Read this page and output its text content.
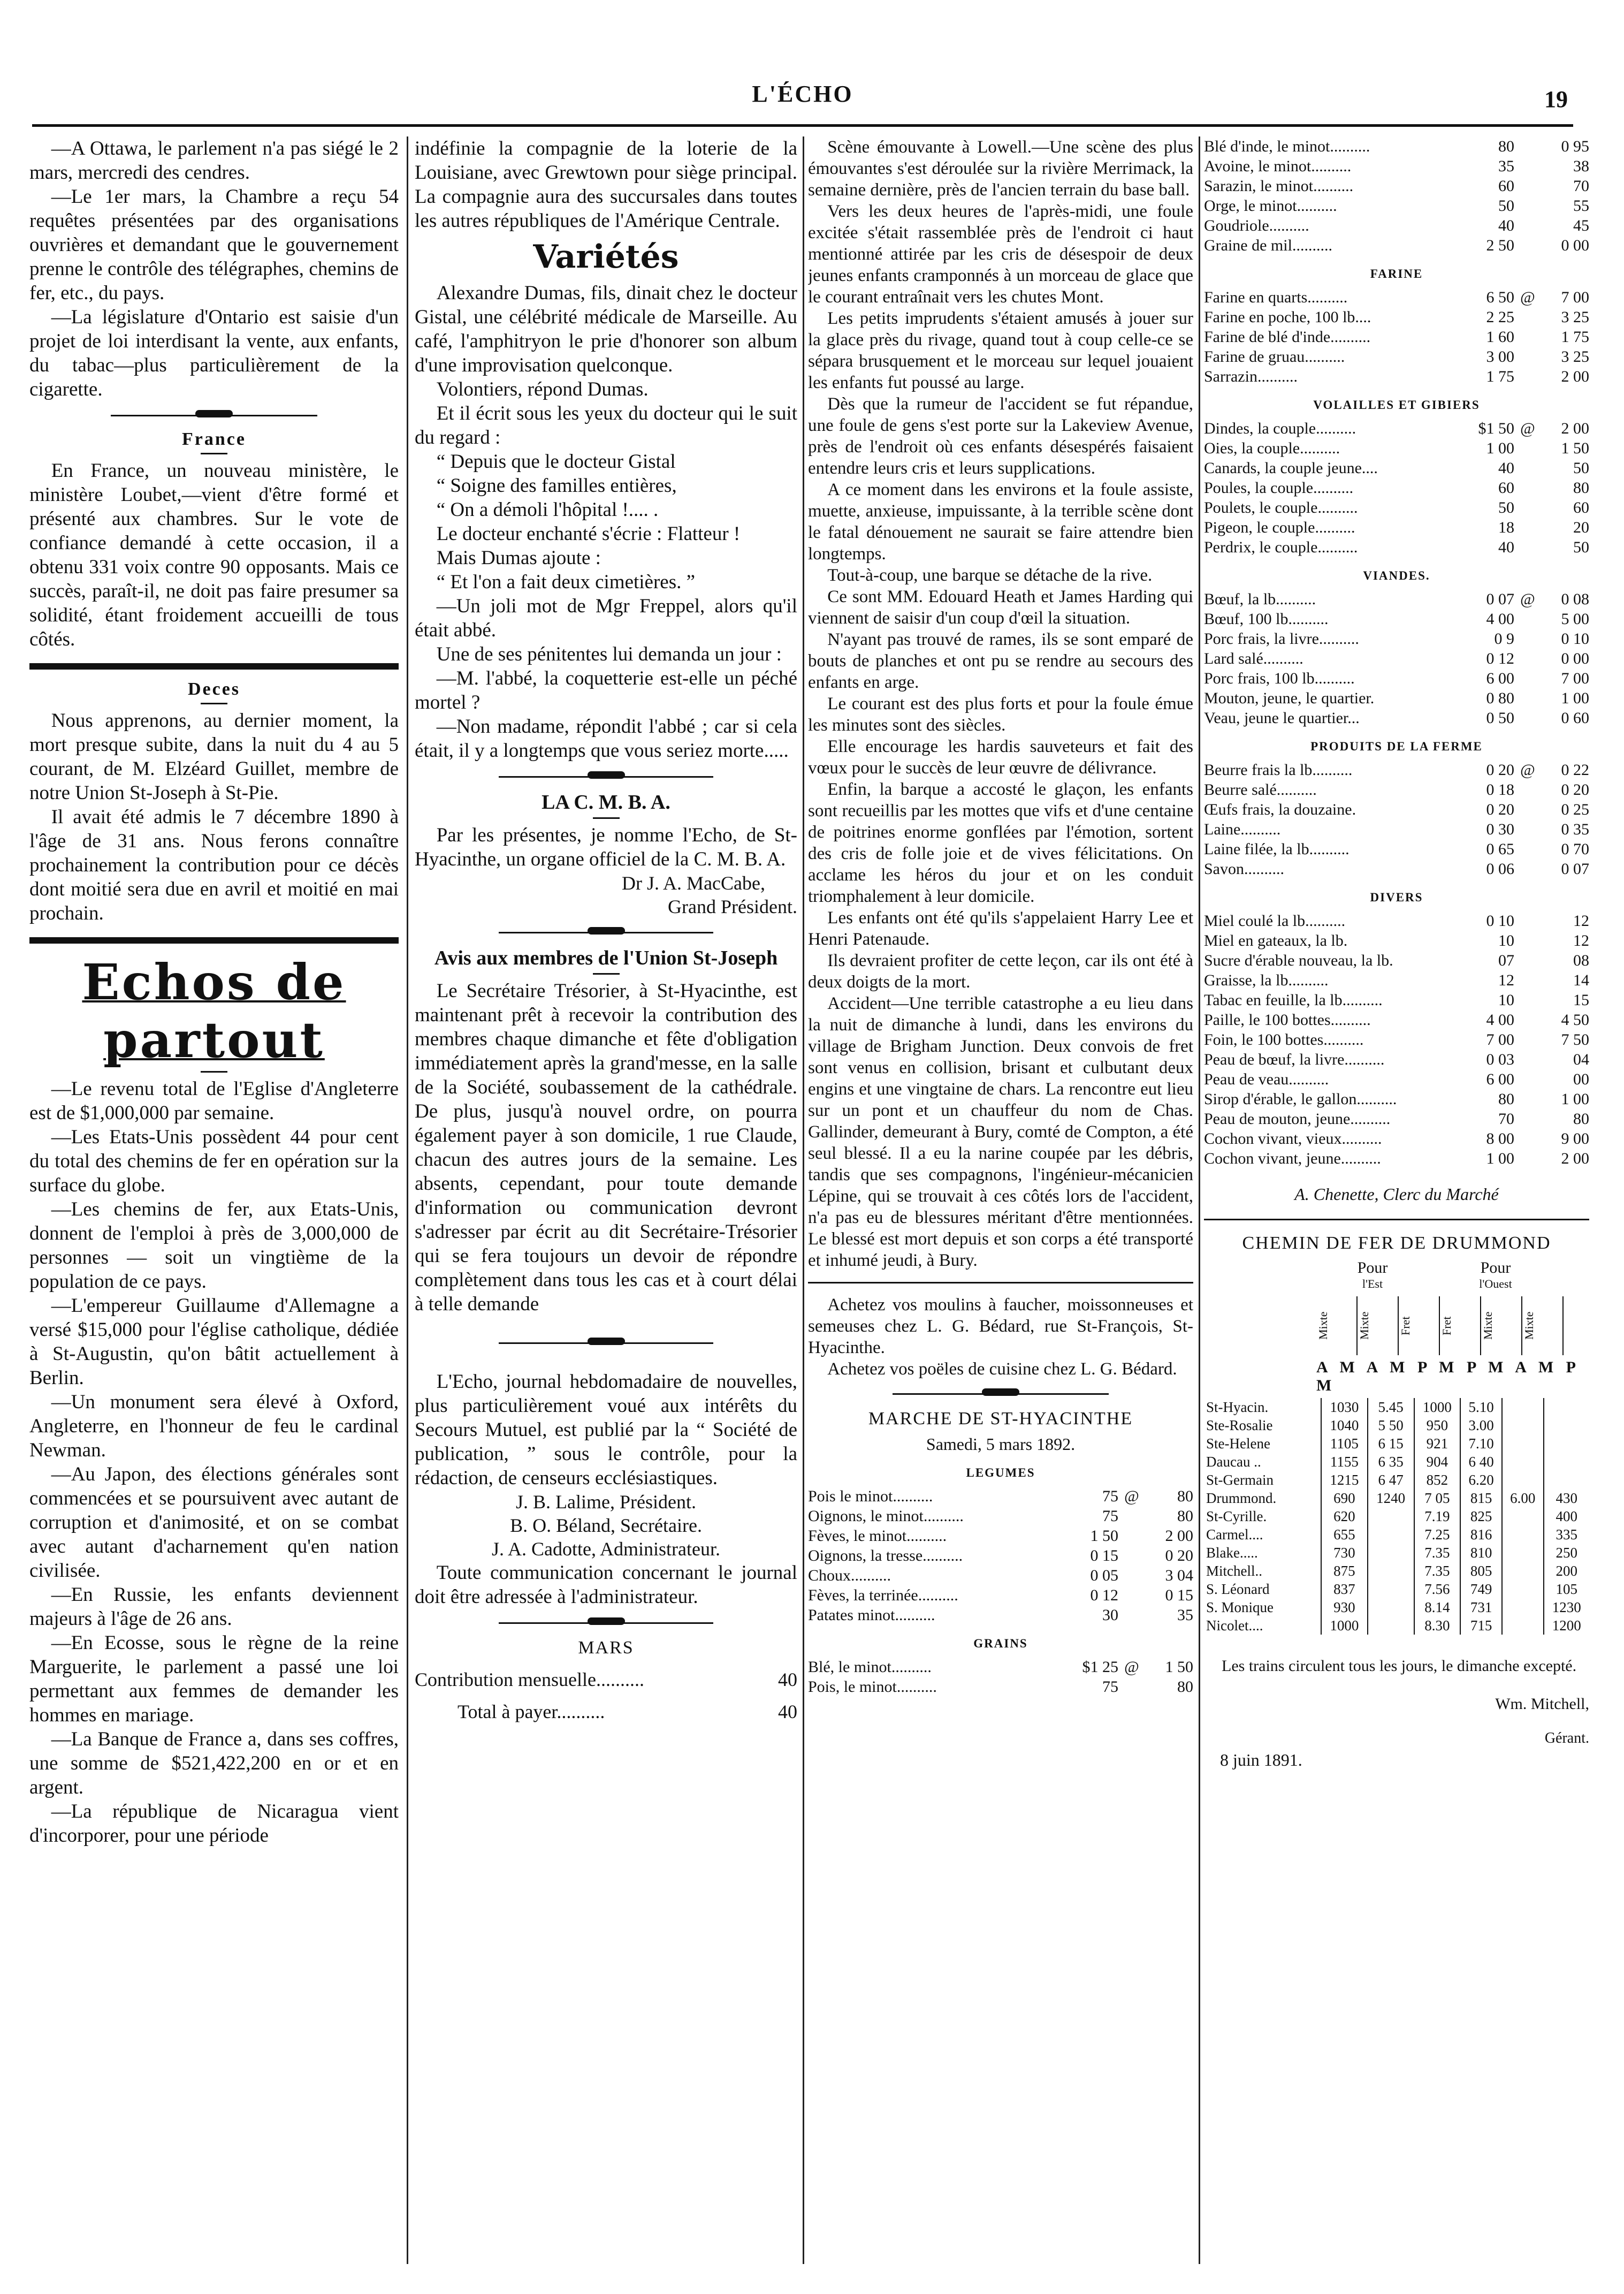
L'ÉCHO	19

—A Ottawa, le parlement n'a pas siégé le 2 mars, mercredi des cendres.

—Le 1er mars, la Chambre a reçu 54 requêtes présentées par des organisations ouvrières et demandant que le gouvernement prenne le contrôle des télégraphes, chemins de fer, etc., du pays.

—La législature d'Ontario est saisie d'un projet de loi interdisant la vente, aux enfants, du tabac—plus particulièrement de la cigarette.

France

En France, un nouveau ministère, le ministère Loubet,—vient d'être formé et présenté aux chambres. Sur le vote de confiance demandé à cette occasion, il a obtenu 331 voix contre 90 opposants. Mais ce succès, paraît-il, ne doit pas faire presumer sa solidité, étant froidement accueilli de tous côtés.

Deces

Nous apprenons, au dernier moment, la mort presque subite, dans la nuit du 4 au 5 courant, de M. Elzéard Guillet, membre de notre Union St-Joseph à St-Pie.

Il avait été admis le 7 décembre 1890 à l'âge de 31 ans. Nous ferons connaître prochainement la contribution pour ce décès dont moitié sera due en avril et moitié en mai prochain.

Echos de partout

—Le revenu total de l'Eglise d'Angleterre est de $1,000,000 par semaine.

—Les Etats-Unis possèdent 44 pour cent du total des chemins de fer en opération sur la surface du globe.

—Les chemins de fer, aux Etats-Unis, donnent de l'emploi à près de 3,000,000 de personnes — soit un vingtième de la population de ce pays.

—L'empereur Guillaume d'Allemagne a versé $15,000 pour l'église catholique, dédiée à St-Augustin, qu'on bâtit actuellement à Berlin.

—Un monument sera élevé à Oxford, Angleterre, en l'honneur de feu le cardinal Newman.

—Au Japon, des élections générales sont commencées et se poursuivent avec autant de corruption et d'animosité, et on se combat avec autant d'acharnement qu'en nation civilisée.

—En Russie, les enfants deviennent majeurs à l'âge de 26 ans.

—En Ecosse, sous le règne de la reine Marguerite, le parlement a passé une loi permettant aux femmes de demander les hommes en mariage.

—La Banque de France a, dans ses coffres, une somme de $521,422,200 en or et en argent.

—La république de Nicaragua vient d'incorporer, pour une période

indéfinie la compagnie de la loterie de la Louisiane, avec Grewtown pour siège principal. La compagnie aura des succursales dans toutes les autres républiques de l'Amérique Centrale.

Variétés

Alexandre Dumas, fils, dinait chez le docteur Gistal, une célébrité médicale de Marseille. Au café, l'amphitryon le prie d'honorer son album d'une improvisation quelconque.

Volontiers, répond Dumas.

Et il écrit sous les yeux du docteur qui le suit du regard :

“ Depuis que le docteur Gistal

“ Soigne des familles entières,

“ On a démoli l'hôpital !.... .

Le docteur enchanté s'écrie : Flatteur !

Mais Dumas ajoute :

“ Et l'on a fait deux cimetières. ”

—Un joli mot de Mgr Freppel, alors qu'il était abbé.

Une de ses pénitentes lui demanda un jour :

—M. l'abbé, la coquetterie est-elle un péché mortel ?

—Non madame, répondit l'abbé ; car si cela était, il y a longtemps que vous seriez morte.....

LA C. M. B. A.

Par les présentes, je nomme l'Echo, de St-Hyacinthe, un organe officiel de la C. M. B. A.

Dr J. A. MacCabe,
Grand Président.
Avis aux membres de l'Union St-Joseph

Le Secrétaire Trésorier, à St-Hyacinthe, est maintenant prêt à recevoir la contribution des membres chaque dimanche et fête d'obligation immédiatement après la grand'messe, en la salle de la Société, soubassement de la cathédrale. De plus, jusqu'à nouvel ordre, on pourra également payer à son domicile, 1 rue Claude, chacun des autres jours de la semaine. Les absents, cependant, pour toute demande d'information ou communication devront s'adresser par écrit au dit Secrétaire-Trésorier qui se fera toujours un devoir de répondre complètement dans tous les cas et à court délai à telle demande

L'Echo, journal hebdomadaire de nouvelles, plus particulièrement voué aux intérêts du Secours Mutuel, est publié par la “ Société de publication, ” sous le contrôle, pour la rédaction, de censeurs ecclésiastiques.

J. B. Lalime, Président.
B. O. Béland, Secrétaire.
J. A. Cadotte, Administrateur.

Toute communication concernant le journal doit être adressée à l'administrateur.

MARS
Contribution mensuelle..........	40
Total à payer..........	40

Scène émouvante à Lowell.—Une scène des plus émouvantes s'est déroulée sur la rivière Merrimack, la semaine dernière, près de l'ancien terrain du base ball.

Vers les deux heures de l'après-midi, une foule excitée s'était rassemblée près de l'endroit ci haut mentionné attirée par les cris de désespoir de deux jeunes enfants cramponnés à un morceau de glace que le courant entraînait vers les chutes Mont.

Les petits imprudents s'étaient amusés à jouer sur la glace près du rivage, quand tout à coup celle-ce se sépara brusquement et le morceau sur lequel jouaient les enfants fut poussé au large.

Dès que la rumeur de l'accident se fut répandue, une foule de gens s'est porte sur la Lakeview Avenue, près de l'endroit où ces enfants désespérés faisaient entendre leurs cris et leurs supplications.

A ce moment dans les environs et la foule assiste, muette, anxieuse, impuissante, à la terrible scène dont le fatal dénouement ne saurait se faire attendre bien longtemps.

Tout-à-coup, une barque se détache de la rive.

Ce sont MM. Edouard Heath et James Harding qui viennent de saisir d'un coup d'œil la situation.

N'ayant pas trouvé de rames, ils se sont emparé de bouts de planches et ont pu se rendre au secours des enfants en arge.

Le courant est des plus forts et pour la foule émue les minutes sont des siècles.

Elle encourage les hardis sauveteurs et fait des vœux pour le succès de leur œuvre de délivrance.

Enfin, la barque a accosté le glaçon, les enfants sont recueillis par les mottes que vifs et d'une centaine de poitrines enorme gonflées par l'émotion, sortent des cris de folle joie et de vives félicitations. On acclame les héros du jour et on les conduit triomphalement à leur domicile.

Les enfants ont été qu'ils s'appelaient Harry Lee et Henri Patenaude.

Ils devraient profiter de cette leçon, car ils ont été à deux doigts de la mort.

Accident—Une terrible catastrophe a eu lieu dans la nuit de dimanche à lundi, dans les environs du village de Brigham Junction. Deux convois de fret sont venus en collision, brisant et culbutant deux engins et une vingtaine de chars. La rencontre eut lieu sur un pont et un chauffeur du nom de Chas. Gallinder, demeurant à Bury, comté de Compton, a été seul blessé. Il a eu la narine coupée par les débris, tandis que ses compagnons, l'ingénieur-mécanicien Lépine, qui se trouvait à ces côtés lors de l'accident, n'a pas eu de blessures méritant d'être mentionnées. Le blessé est mort depuis et son corps a été transporté et inhumé jeudi, à Bury.

Achetez vos moulins à faucher, moissonneuses et semeuses chez L. G. Bédard, rue St-François, St-Hyacinthe.

Achetez vos poëles de cuisine chez L. G. Bédard.

MARCHE DE ST-HYACINTHE
Samedi, 5 mars 1892.
LEGUMES
Pois le minot..........	75	@	80
Oignons, le minot..........	75		80
Fèves, le minot..........	1 50		2 00
Oignons, la tresse..........	0 15		0 20
Choux..........	0 05		3 04
Fèves, la terrinée..........	0 12		0 15
Patates minot..........	30		35
GRAINS
Blé, le minot..........	$1 25	@	1 50
Pois, le minot..........	75		80
Blé d'inde, le minot..........	80		0 95
Avoine, le minot..........	35		38
Sarazin, le minot..........	60		70
Orge, le minot..........	50		55
Goudriole..........	40		45
Graine de mil..........	2 50		0 00
FARINE
Farine en quarts..........	6 50	@	7 00
Farine en poche, 100 lb....	2 25		3 25
Farine de blé d'inde..........	1 60		1 75
Farine de gruau..........	3 00		3 25
Sarrazin..........	1 75		2 00
VOLAILLES ET GIBIERS
Dindes, la couple..........	$1 50	@	2 00
Oies, la couple..........	1 00		1 50
Canards, la couple jeune....	40		50
Poules, la couple..........	60		80
Poulets, le couple..........	50		60
Pigeon, le couple..........	18		20
Perdrix, le couple..........	40		50
VIANDES.
Bœuf, la lb..........	0 07	@	0 08
Bœuf, 100 lb..........	4 00		5 00
Porc frais, la livre..........	0 9		0 10
Lard salé..........	0 12		0 00
Porc frais, 100 lb..........	6 00		7 00
Mouton, jeune, le quartier.	0 80		1 00
Veau, jeune le quartier...	0 50		0 60
PRODUITS DE LA FERME
Beurre frais la lb..........	0 20	@	0 22
Beurre salé..........	0 18		0 20
Œufs frais, la douzaine.	0 20		0 25
Laine..........	0 30		0 35
Laine filée, la lb..........	0 65		0 70
Savon..........	0 06		0 07
DIVERS
Miel coulé la lb..........	0 10		12
Miel en gateaux, la lb.	10		12
Sucre d'érable nouveau, la lb.	07		08
Graisse, la lb..........	12		14
Tabac en feuille, la lb..........	10		15
Paille, le 100 bottes..........	4 00		4 50
Foin, le 100 bottes..........	7 00		7 50
Peau de bœuf, la livre..........	0 03		04
Peau de veau..........	6 00		00
Sirop d'érable, le gallon..........	80		1 00
Peau de mouton, jeune..........	70		80
Cochon vivant, vieux..........	8 00		9 00
Cochon vivant, jeune..........	1 00		2 00
A. Chenette, Clerc du Marché
CHEMIN DE FER DE DRUMMOND
Pour	Pour
l'Est	l'Ouest
Mixte	Mixte	Fret	Fret	Mixte	Mixte
A M A M P M P M A M P M
St-Hyacin.	1030	5.45	1000	5.10		
Ste-Rosalie	1040	5 50	950	3.00		
Ste-Helene	1105	6 15	921	7.10		
Daucau ..	1155	6 35	904	6 40		
St-Germain	1215	6 47	852	6.20		
Drummond.	690	1240	7 05	815	6.00	430
St-Cyrille.	620		7.19	825		400
Carmel....	655		7.25	816		335
Blake.....	730		7.35	810		250
Mitchell..	875		7.35	805		200
S. Léonard	837		7.56	749		105
S. Monique	930		8.14	731		1230
Nicolet....	1000		8.30	715		1200

Les trains circulent tous les jours, le dimanche excepté.

Wm. Mitchell,
Gérant.
8 juin 1891.
